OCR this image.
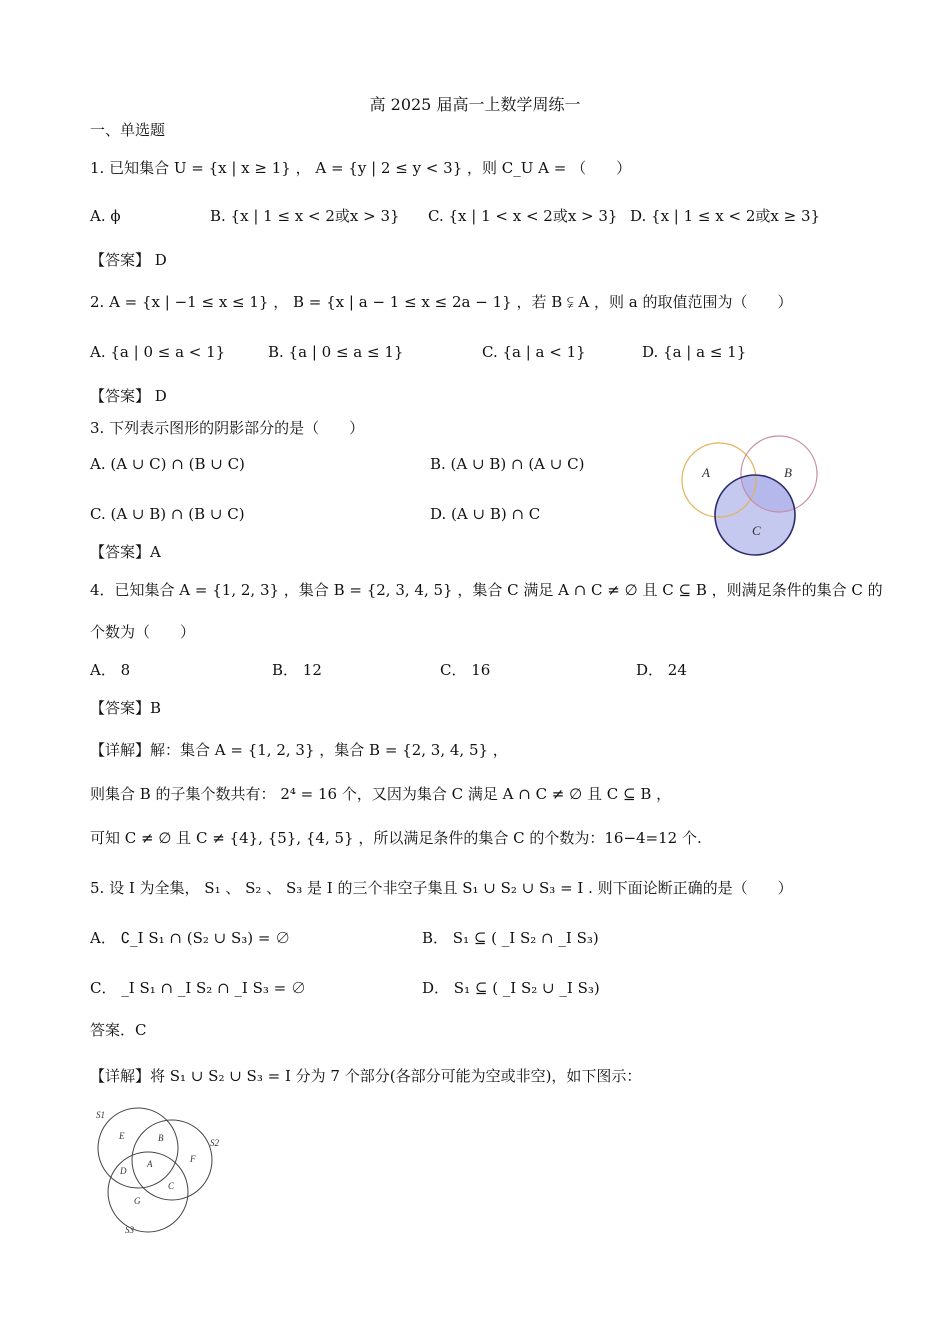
高 2025 届高一上数学周练一
一、单选题
1. 已知集合 U = {x | x ≥ 1} ， A = {y | 2 ≤ y < 3} ，则 C_U A = （　　）
A. ϕ	B. {x | 1 ≤ x < 2或x > 3} C. {x | 1 < x < 2或x > 3} D. {x | 1 ≤ x < 2或x ≥ 3}
【答案】 D
2. A = {x | −1 ≤ x ≤ 1} ， B = {x | a − 1 ≤ x ≤ 2a − 1} ，若 B ⫋ A ，则 a 的取值范围为（　　）
A. {a | 0 ≤ a < 1}	B. {a | 0 ≤ a ≤ 1}	C. {a | a < 1}	D. {a | a ≤ 1}
【答案】 D
3. 下列表示图形的阴影部分的是（　　）
A. (A ∪ C) ∩ (B ∪ C)	B. (A ∪ B) ∩ (A ∪ C)
C. (A ∪ B) ∩ (B ∪ C)	D. (A ∪ B) ∩ C
【答案】A
A	B
C
4．已知集合 A = {1, 2, 3} ，集合 B = {2, 3, 4, 5} ，集合 C 满足 A ∩ C ≠ ∅ 且 C ⊆ B ，则满足条件的集合 C 的
个数为（　　）
A． 8	B． 12	C． 16	D． 24
【答案】B
【详解】解：集合 A = {1, 2, 3} ，集合 B = {2, 3, 4, 5} ，
则集合 B 的子集个数共有： 2⁴ = 16 个，又因为集合 C 满足 A ∩ C ≠ ∅ 且 C ⊆ B ，
可知 C ≠ ∅ 且 C ≠ {4}, {5}, {4, 5} ，所以满足条件的集合 C 的个数为：16−4=12 个.
5. 设 I 为全集， S₁ 、 S₂ 、 S₃ 是 I 的三个非空子集且 S₁ ∪ S₂ ∪ S₃ = I . 则下面论断正确的是（　　）
A． ∁_I S₁ ∩ (S₂ ∪ S₃) = ∅	B． S₁ ⊆ ( _I S₂ ∩ _I S₃)
C． _I S₁ ∩ _I S₂ ∩ _I S₃ = ∅	D． S₁ ⊆ ( _I S₂ ∪ _I S₃)
答案．C
【详解】将 S₁ ∪ S₂ ∪ S₃ = I 分为 7 个部分(各部分可能为空或非空)，如下图示：
S1
S2
S3
E	B
F
D
A
C
G
